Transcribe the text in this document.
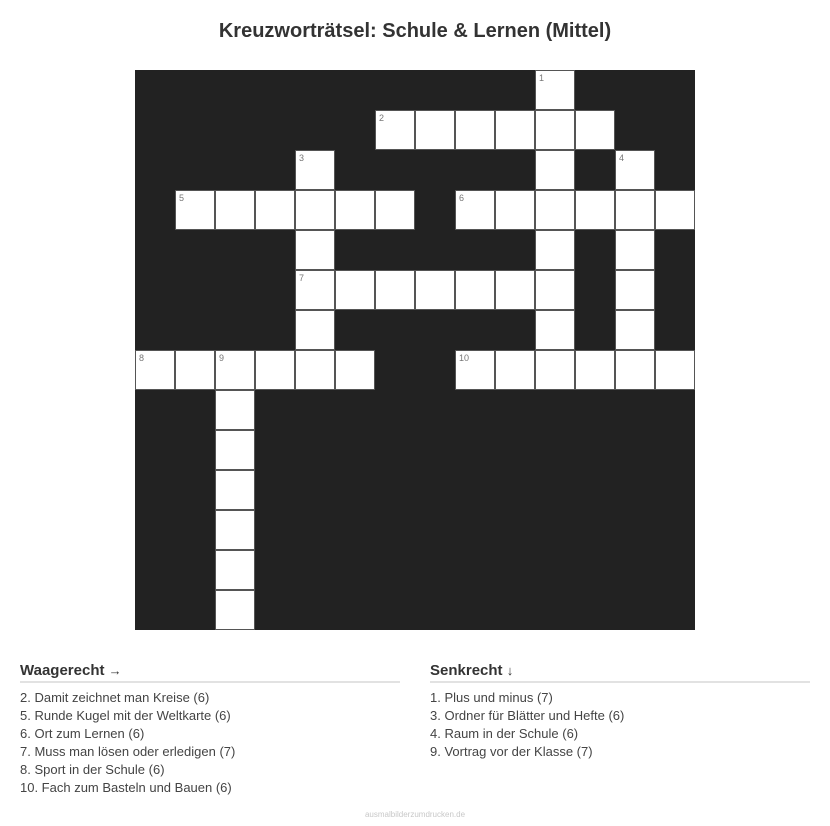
Kreuzworträtsel: Schule & Lernen (Mittel)
1
2
3	4
5	6
7
8	9	10
Waagerecht →
2. Damit zeichnet man Kreise (6)
5. Runde Kugel mit der Weltkarte (6)
6. Ort zum Lernen (6)
7. Muss man lösen oder erledigen (7)
8. Sport in der Schule (6)
10. Fach zum Basteln und Bauen (6)
Senkrecht ↓
1. Plus und minus (7)
3. Ordner für Blätter und Hefte (6)
4. Raum in der Schule (6)
9. Vortrag vor der Klasse (7)
ausmalbilderzumdrucken.de
